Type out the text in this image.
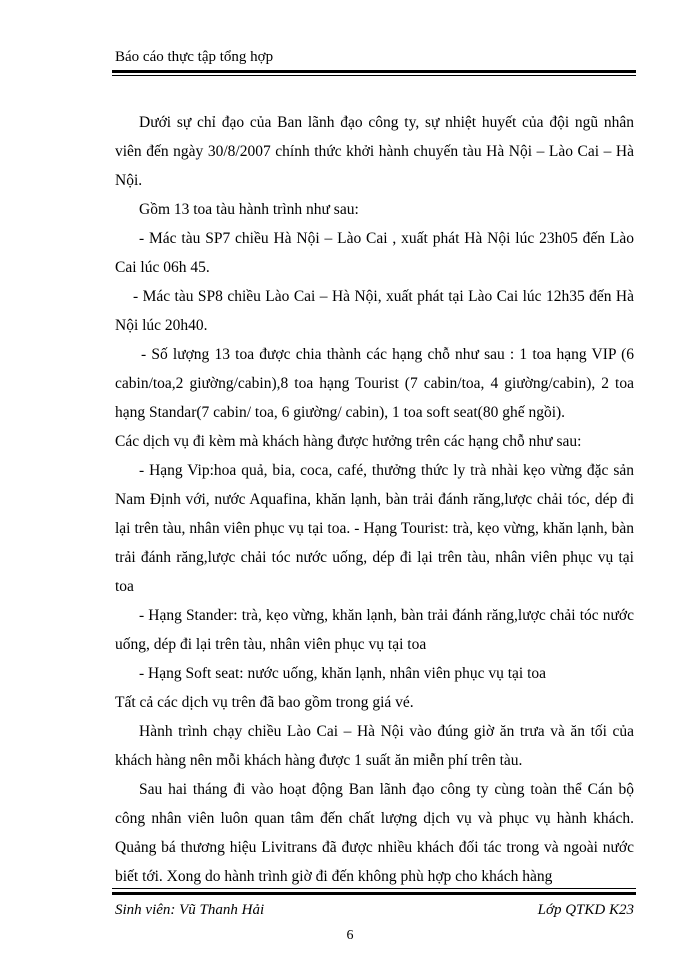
Báo cáo thực tập tổng hợp

Dưới sự chỉ đạo của Ban lãnh đạo công ty, sự nhiệt huyết của đội ngũ nhân viên đến ngày 30/8/2007 chính thức khởi hành chuyến tàu Hà Nội – Lào Cai – Hà Nội.

Gồm 13 toa tàu hành trình như sau:

- Mác tàu SP7 chiều Hà Nội – Lào Cai , xuất phát Hà Nội lúc 23h05 đến Lào Cai lúc 06h 45.

- Mác tàu SP8 chiều Lào Cai – Hà Nội, xuất phát tại Lào Cai lúc 12h35 đến Hà Nội lúc 20h40.

- Số lượng 13 toa được chia thành các hạng chỗ như sau : 1 toa hạng VIP (6 cabin/toa,2 giường/cabin),8 toa hạng Tourist (7 cabin/toa, 4 giường/cabin), 2 toa hạng Standar(7 cabin/ toa, 6 giường/ cabin), 1 toa soft seat(80 ghế ngồi).

Các dịch vụ đi kèm mà khách hàng được hưởng trên các hạng chỗ như sau:

- Hạng Vip:hoa quả, bia, coca, café, thưởng thức ly trà nhài kẹo vừng đặc sản Nam Định với, nước Aquafina, khăn lạnh, bàn trải đánh răng,lược chải tóc, dép đi lại trên tàu, nhân viên phục vụ tại toa. - Hạng Tourist: trà, kẹo vừng, khăn lạnh, bàn trải đánh răng,lược chải tóc nước uống, dép đi lại trên tàu, nhân viên phục vụ tại toa

- Hạng Stander: trà, kẹo vừng, khăn lạnh, bàn trải đánh răng,lược chải tóc nước uống, dép đi lại trên tàu, nhân viên phục vụ tại toa

- Hạng Soft seat: nước uống, khăn lạnh, nhân viên phục vụ tại toa

Tất cả các dịch vụ trên đã bao gồm trong giá vé.

Hành trình chạy chiều Lào Cai – Hà Nội vào đúng giờ ăn trưa và ăn tối của khách hàng nên mỗi khách hàng được 1 suất ăn miễn phí trên tàu.

Sau hai tháng đi vào hoạt động Ban lãnh đạo công ty cùng toàn thể Cán bộ công nhân viên luôn quan tâm đến chất lượng dịch vụ và phục vụ hành khách. Quảng bá thương hiệu Livitrans đã được nhiều khách đối tác trong và ngoài nước biết tới. Xong do hành trình giờ đi đến không phù hợp cho khách hàng

Sinh viên: Vũ Thanh Hải	Lớp QTKD K23
6
